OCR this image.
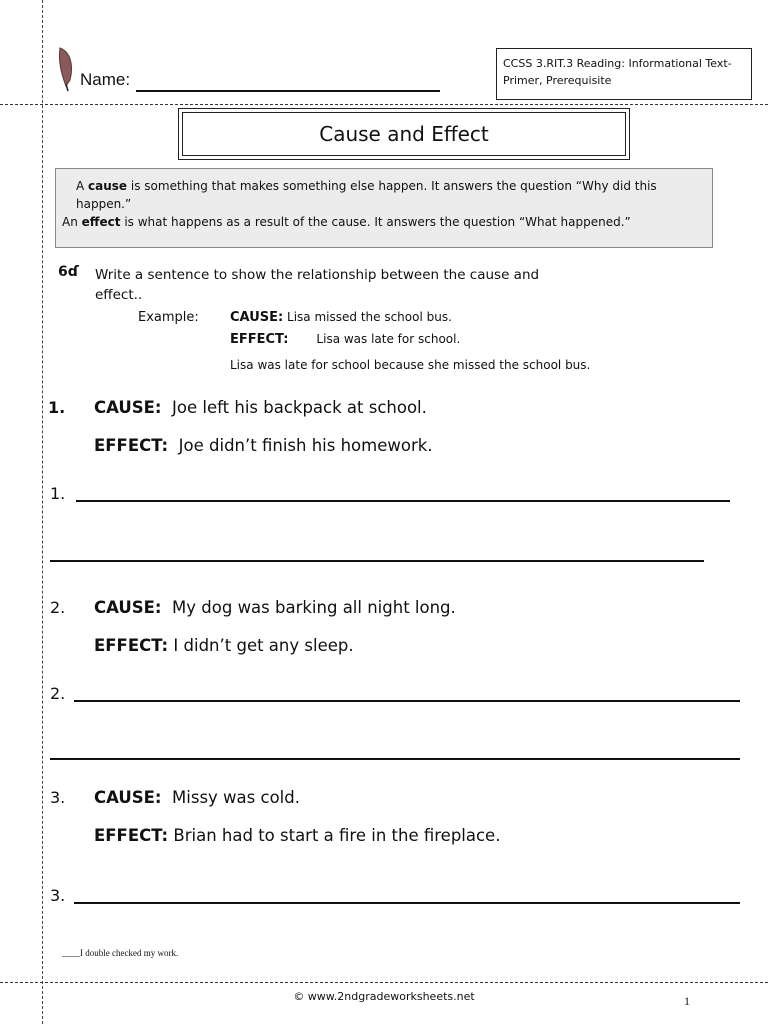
Name:
CCSS 3.RIT.3 Reading: Informational Text-Primer, Prerequisite
Cause and Effect
A cause is something that makes something else happen. It answers the question “Why did this happen.”
An effect is what happens as a result of the cause. It answers the question “What happened.”
6ɗ Write a sentence to show the relationship between the cause and effect..
Example: CAUSE: Lisa missed the school bus.
EFFECT: Lisa was late for school.
Lisa was late for school because she missed the school bus.
1. CAUSE: Joe left his backpack at school.
EFFECT: Joe didn’t finish his homework.
1.
2. CAUSE: My dog was barking all night long.
EFFECT: I didn’t get any sleep.
2.
3. CAUSE: Missy was cold.
EFFECT: Brian had to start a fire in the fireplace.
3.
____I double checked my work.
© www.2ndgradeworksheets.net	1
